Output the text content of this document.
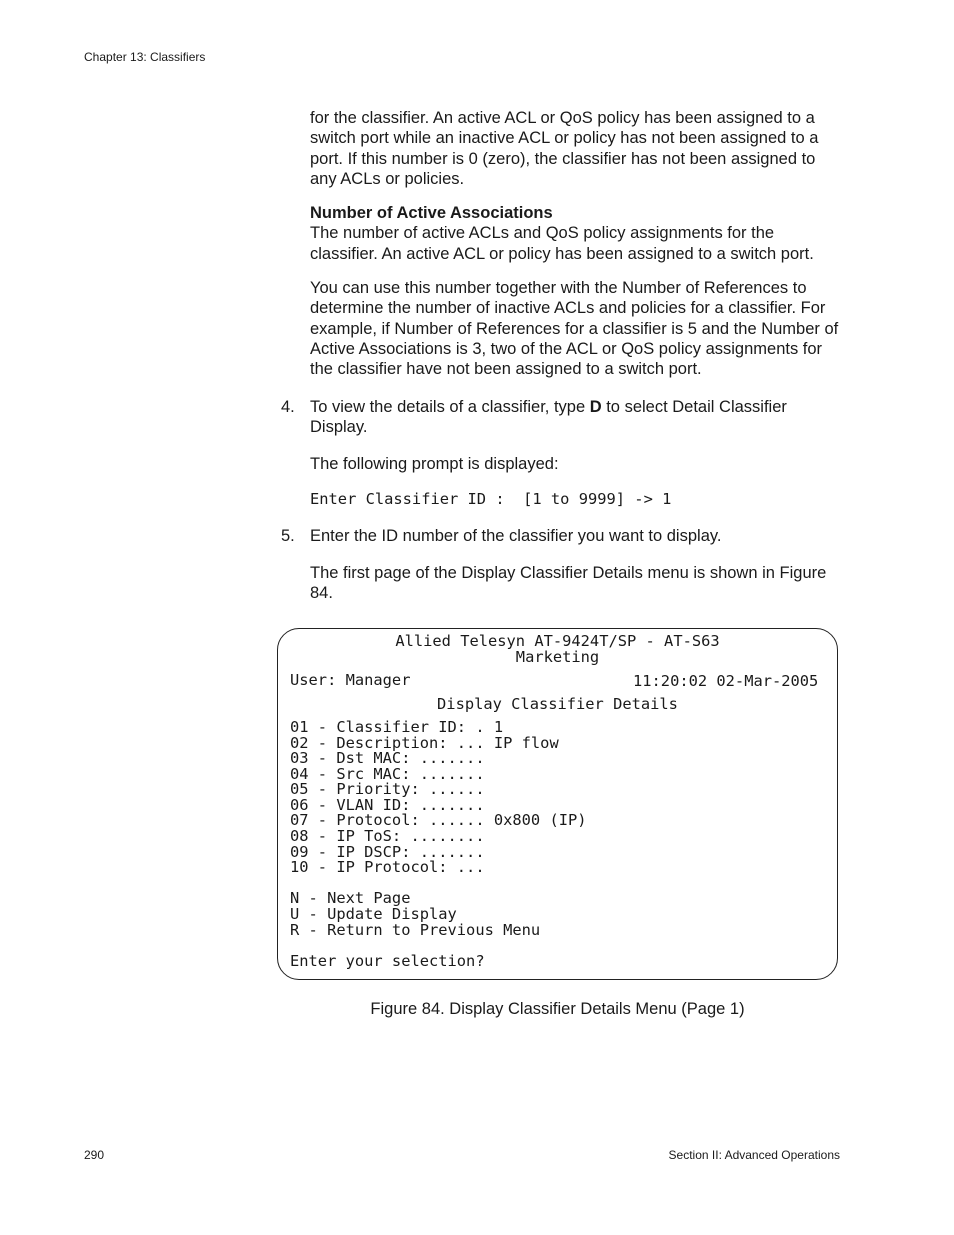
Chapter 13: Classifiers

for the classifier. An active ACL or QoS policy has been assigned to a switch port while an inactive ACL or policy has not been assigned to a port. If this number is 0 (zero), the classifier has not been assigned to any ACLs or policies.

Number of Active Associations
The number of active ACLs and QoS policy assignments for the classifier. An active ACL or policy has been assigned to a switch port.

You can use this number together with the Number of References to determine the number of inactive ACLs and policies for a classifier. For example, if Number of References for a classifier is 5 and the Number of Active Associations is 3, two of the ACL or QoS policy assignments for the classifier have not been assigned to a switch port.

4. To view the details of a classifier, type D to select Detail Classifier Display.

The following prompt is displayed:

Enter Classifier ID :  [1 to 9999] -> 1
5. Enter the ID number of the classifier you want to display.

The first page of the Display Classifier Details menu is shown in Figure 84.

Allied Telesyn AT-9424T/SP - AT-S63
Marketing
User: Manager	11:20:02 02-Mar-2005
Display Classifier Details
01 - Classifier ID: . 1
02 - Description: ... IP flow
03 - Dst MAC: .......
04 - Src MAC: .......
05 - Priority: ......
06 - VLAN ID: .......
07 - Protocol: ...... 0x800 (IP)
08 - IP ToS: ........
09 - IP DSCP: .......
10 - IP Protocol: ...
N - Next Page
U - Update Display
R - Return to Previous Menu
Enter your selection?
Figure 84. Display Classifier Details Menu (Page 1)
290	Section II: Advanced Operations
